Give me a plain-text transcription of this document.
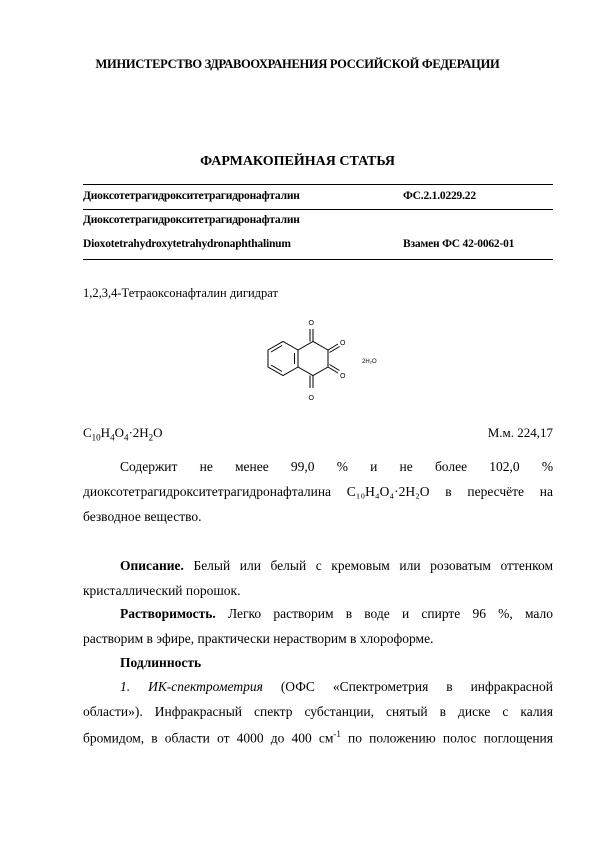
МИНИСТЕРСТВО ЗДРАВООХРАНЕНИЯ РОССИЙСКОЙ ФЕДЕРАЦИИ
ФАРМАКОПЕЙНАЯ СТАТЬЯ
Диоксотетрагидрокситетрагидронафталин	ФС.2.1.0229.22
Диоксотетрагидрокситетрагидронафталин
Dioxotetrahydroxytetrahydronaphthalinum	Взамен ФС 42-0062-01
1,2,3,4-Тетраоксонафталин дигидрат
O
O
O
O
2H₂O
$C_{10}H_4O_4\cdot 2H_2O$	М.м. 224,17
Содержит не менее 99,0 % и не более 102,0 %
диоксотетрагидрокситетрагидронафталина C₁₀H₄O₄·2H₂O в пересчёте на
безводное вещество.
Описание. Белый или белый с кремовым или розоватым оттенком
кристаллический порошок.
Растворимость. Легко растворим в воде и спирте 96 %, мало
растворим в эфире, практически нерастворим в хлороформе.
Подлинность
1. ИК-спектрометрия (ОФС «Спектрометрия в инфракрасной
области»). Инфракрасный спектр субстанции, снятый в диске с калия
бромидом, в области от 4000 до 400 $см^{-1}$ по положению полос поглощения
